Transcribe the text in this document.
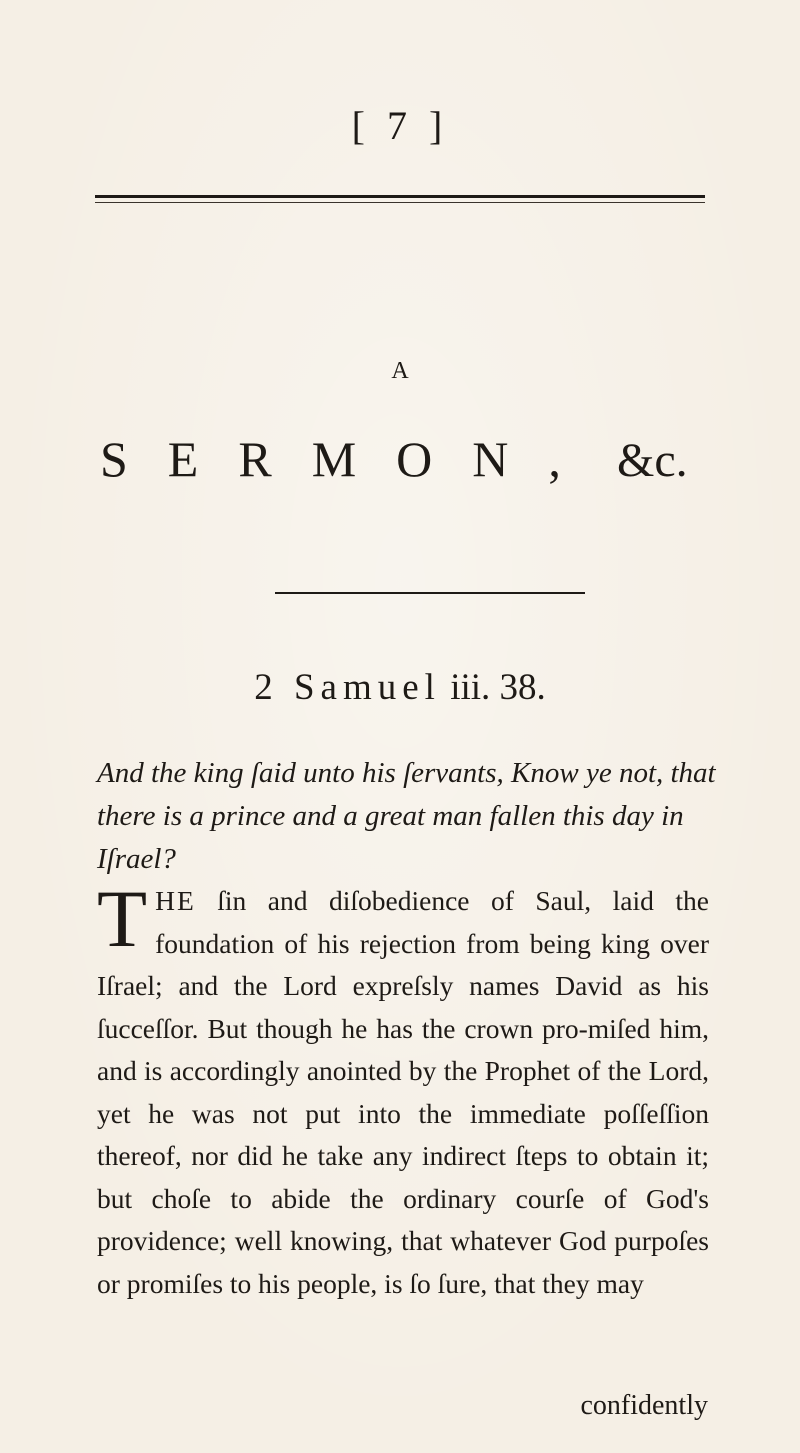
[ 7 ]
A
SERMON, &c.
2 Samuel iii. 38.
And the king ſaid unto his ſervants, Know ye not, that there is a prince and a great man fallen this day in Iſrael?
THE ſin and diſobedience of Saul, laid the foundation of his rejection from being king over Iſrael; and the Lord expreſsly names David as his ſucceſſor. But though he has the crown pro-miſed him, and is accordingly anointed by the Prophet of the Lord, yet he was not put into the immediate poſſeſſion thereof, nor did he take any indirect ſteps to obtain it; but choſe to abide the ordinary courſe of God's providence; well knowing, that whatever God purpoſes or promiſes to his people, is ſo ſure, that they may
confidently
